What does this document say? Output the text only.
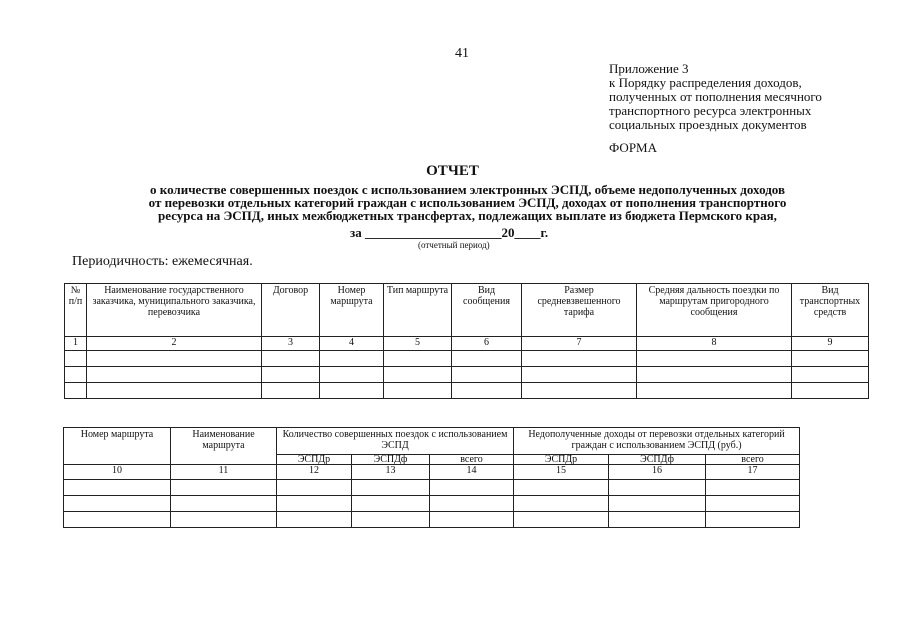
41
Приложение 3
к Порядку распределения доходов,
полученных от пополнения месячного
транспортного ресурса электронных
социальных проездных документов
ФОРМА
ОТЧЕТ
о количестве совершенных поездок с использованием электронных ЭСПД, объеме недополученных доходов
от перевозки отдельных категорий граждан с использованием ЭСПД, доходах от пополнения транспортного
ресурса на ЭСПД, иных межбюджетных трансфертах, подлежащих выплате из бюджета Пермского края,
за _____________________20____г.
(отчетный период)
Периодичность: ежемесячная.
№ п/п	Наименование государственного заказчика, муниципального заказчика, перевозчика	Договор	Номер маршрута	Тип маршрута	Вид сообщения	Размер средневзвешенного тарифа	Средняя дальность поездки по маршрутам пригородного сообщения	Вид транспортных средств
1	2	3	4	5	6	7	8	9

Номер маршрута	Наименование маршрута	Количество совершенных поездок с использованием ЭСПД			Недополученные доходы от перевозки отдельных категорий граждан с использованием ЭСПД (руб.)		
		ЭСПДр	ЭСПДф	всего	ЭСПДр	ЭСПДф	всего
10	11	12	13	14	15	16	17
